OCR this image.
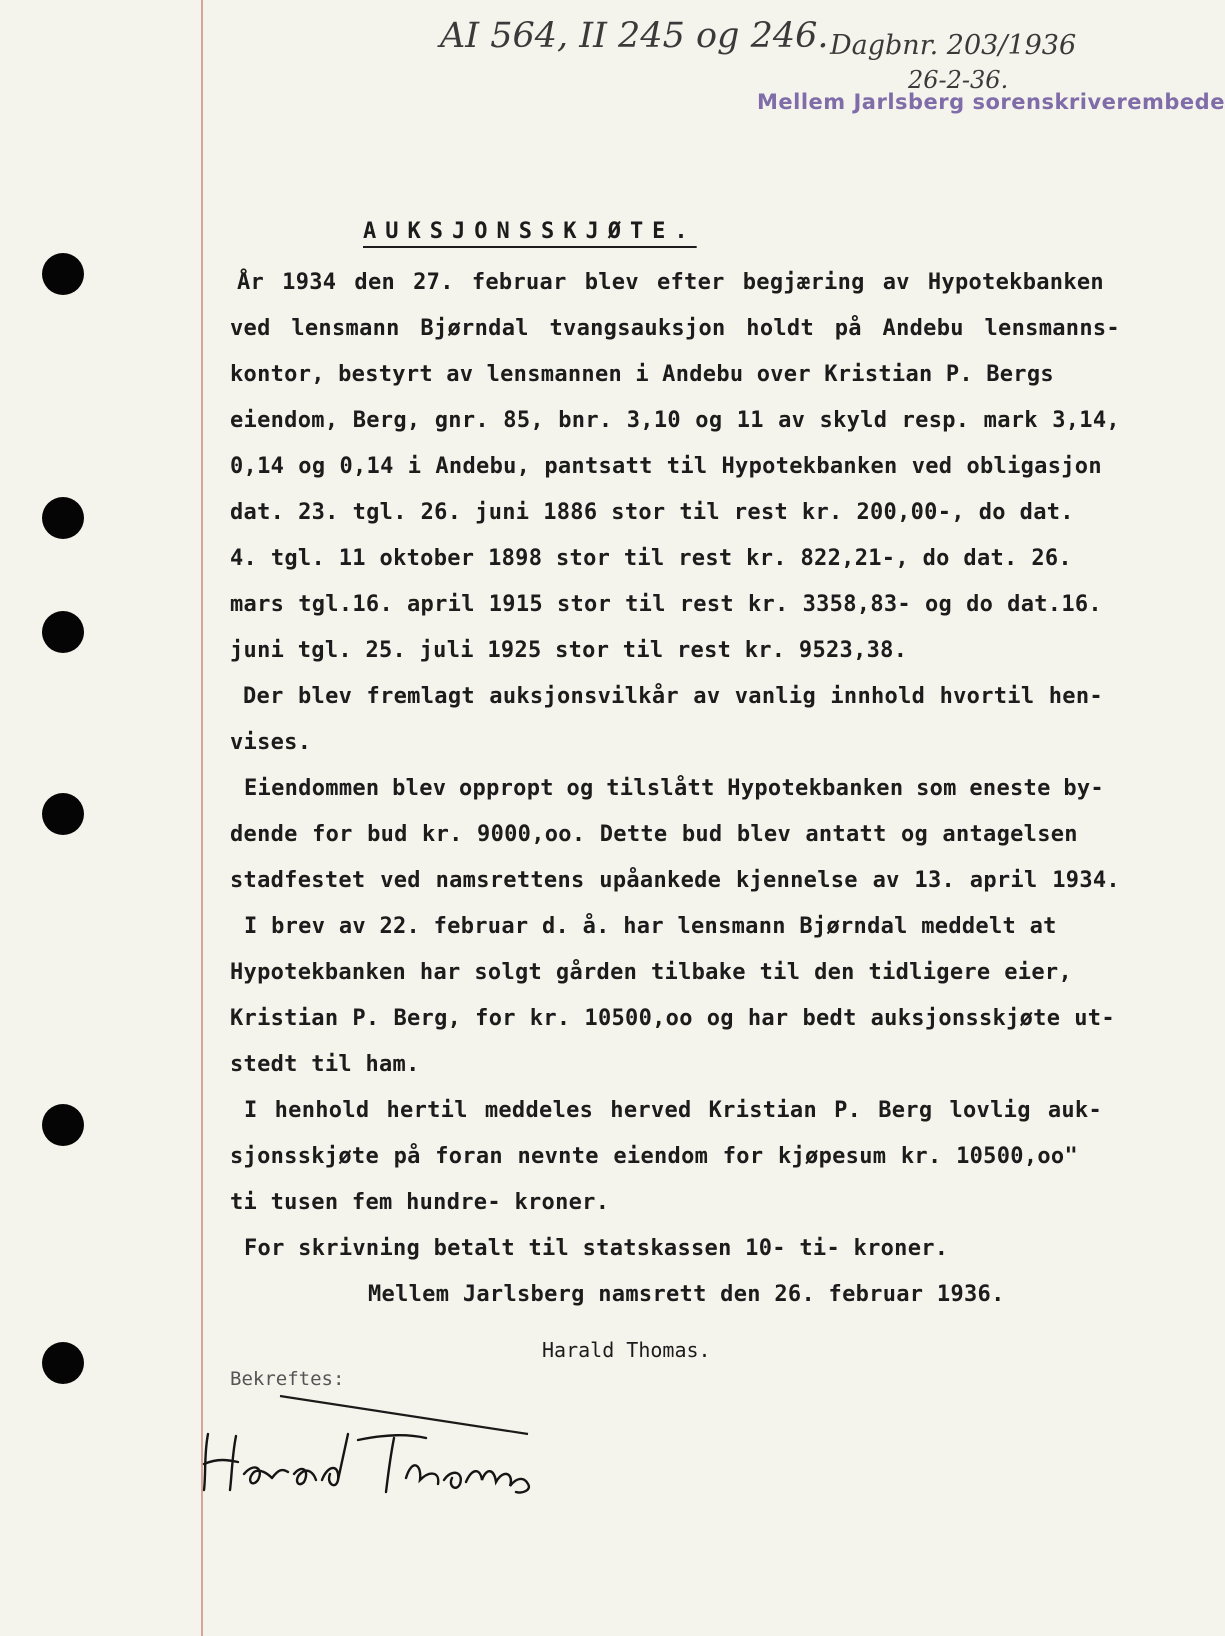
AI 564, II 245 og 246. Dagbnr. 203/1936
26-2-36.
Mellem Jarlsberg sorenskriverembede
AUKSJONSSKJØTE.
År 1934 den 27. februar blev efter begjæring av Hypotekbanken
ved lensmann Bjørndal tvangsauksjon holdt på Andebu lensmanns-
kontor, bestyrt av lensmannen i Andebu over Kristian P. Bergs
eiendom, Berg, gnr. 85, bnr. 3,10 og 11 av skyld resp. mark 3,14,
0,14 og 0,14 i Andebu, pantsatt til Hypotekbanken ved obligasjon
dat. 23. tgl. 26. juni 1886 stor til rest kr. 200,00-, do dat.
4. tgl. 11 oktober 1898 stor til rest kr. 822,21-, do dat. 26.
mars tgl.16. april 1915 stor til rest kr. 3358,83- og do dat.16.
juni tgl. 25. juli 1925 stor til rest kr. 9523,38.
Der blev fremlagt auksjonsvilkår av vanlig innhold hvortil hen-
vises.
Eiendommen blev oppropt og tilslått Hypotekbanken som eneste by-
dende for bud kr. 9000,oo. Dette bud blev antatt og antagelsen
stadfestet ved namsrettens upåankede kjennelse av 13. april 1934.
I brev av 22. februar d. å. har lensmann Bjørndal meddelt at
Hypotekbanken har solgt gården tilbake til den tidligere eier,
Kristian P. Berg, for kr. 10500,oo og har bedt auksjonsskjøte ut-
stedt til ham.
I henhold hertil meddeles herved Kristian P. Berg lovlig auk-
sjonsskjøte på foran nevnte eiendom for kjøpesum kr. 10500,oo"
ti tusen fem hundre- kroner.
For skrivning betalt til statskassen 10- ti- kroner.
Mellem Jarlsberg namsrett den 26. februar 1936.
Harald Thomas.
Bekreftes:
